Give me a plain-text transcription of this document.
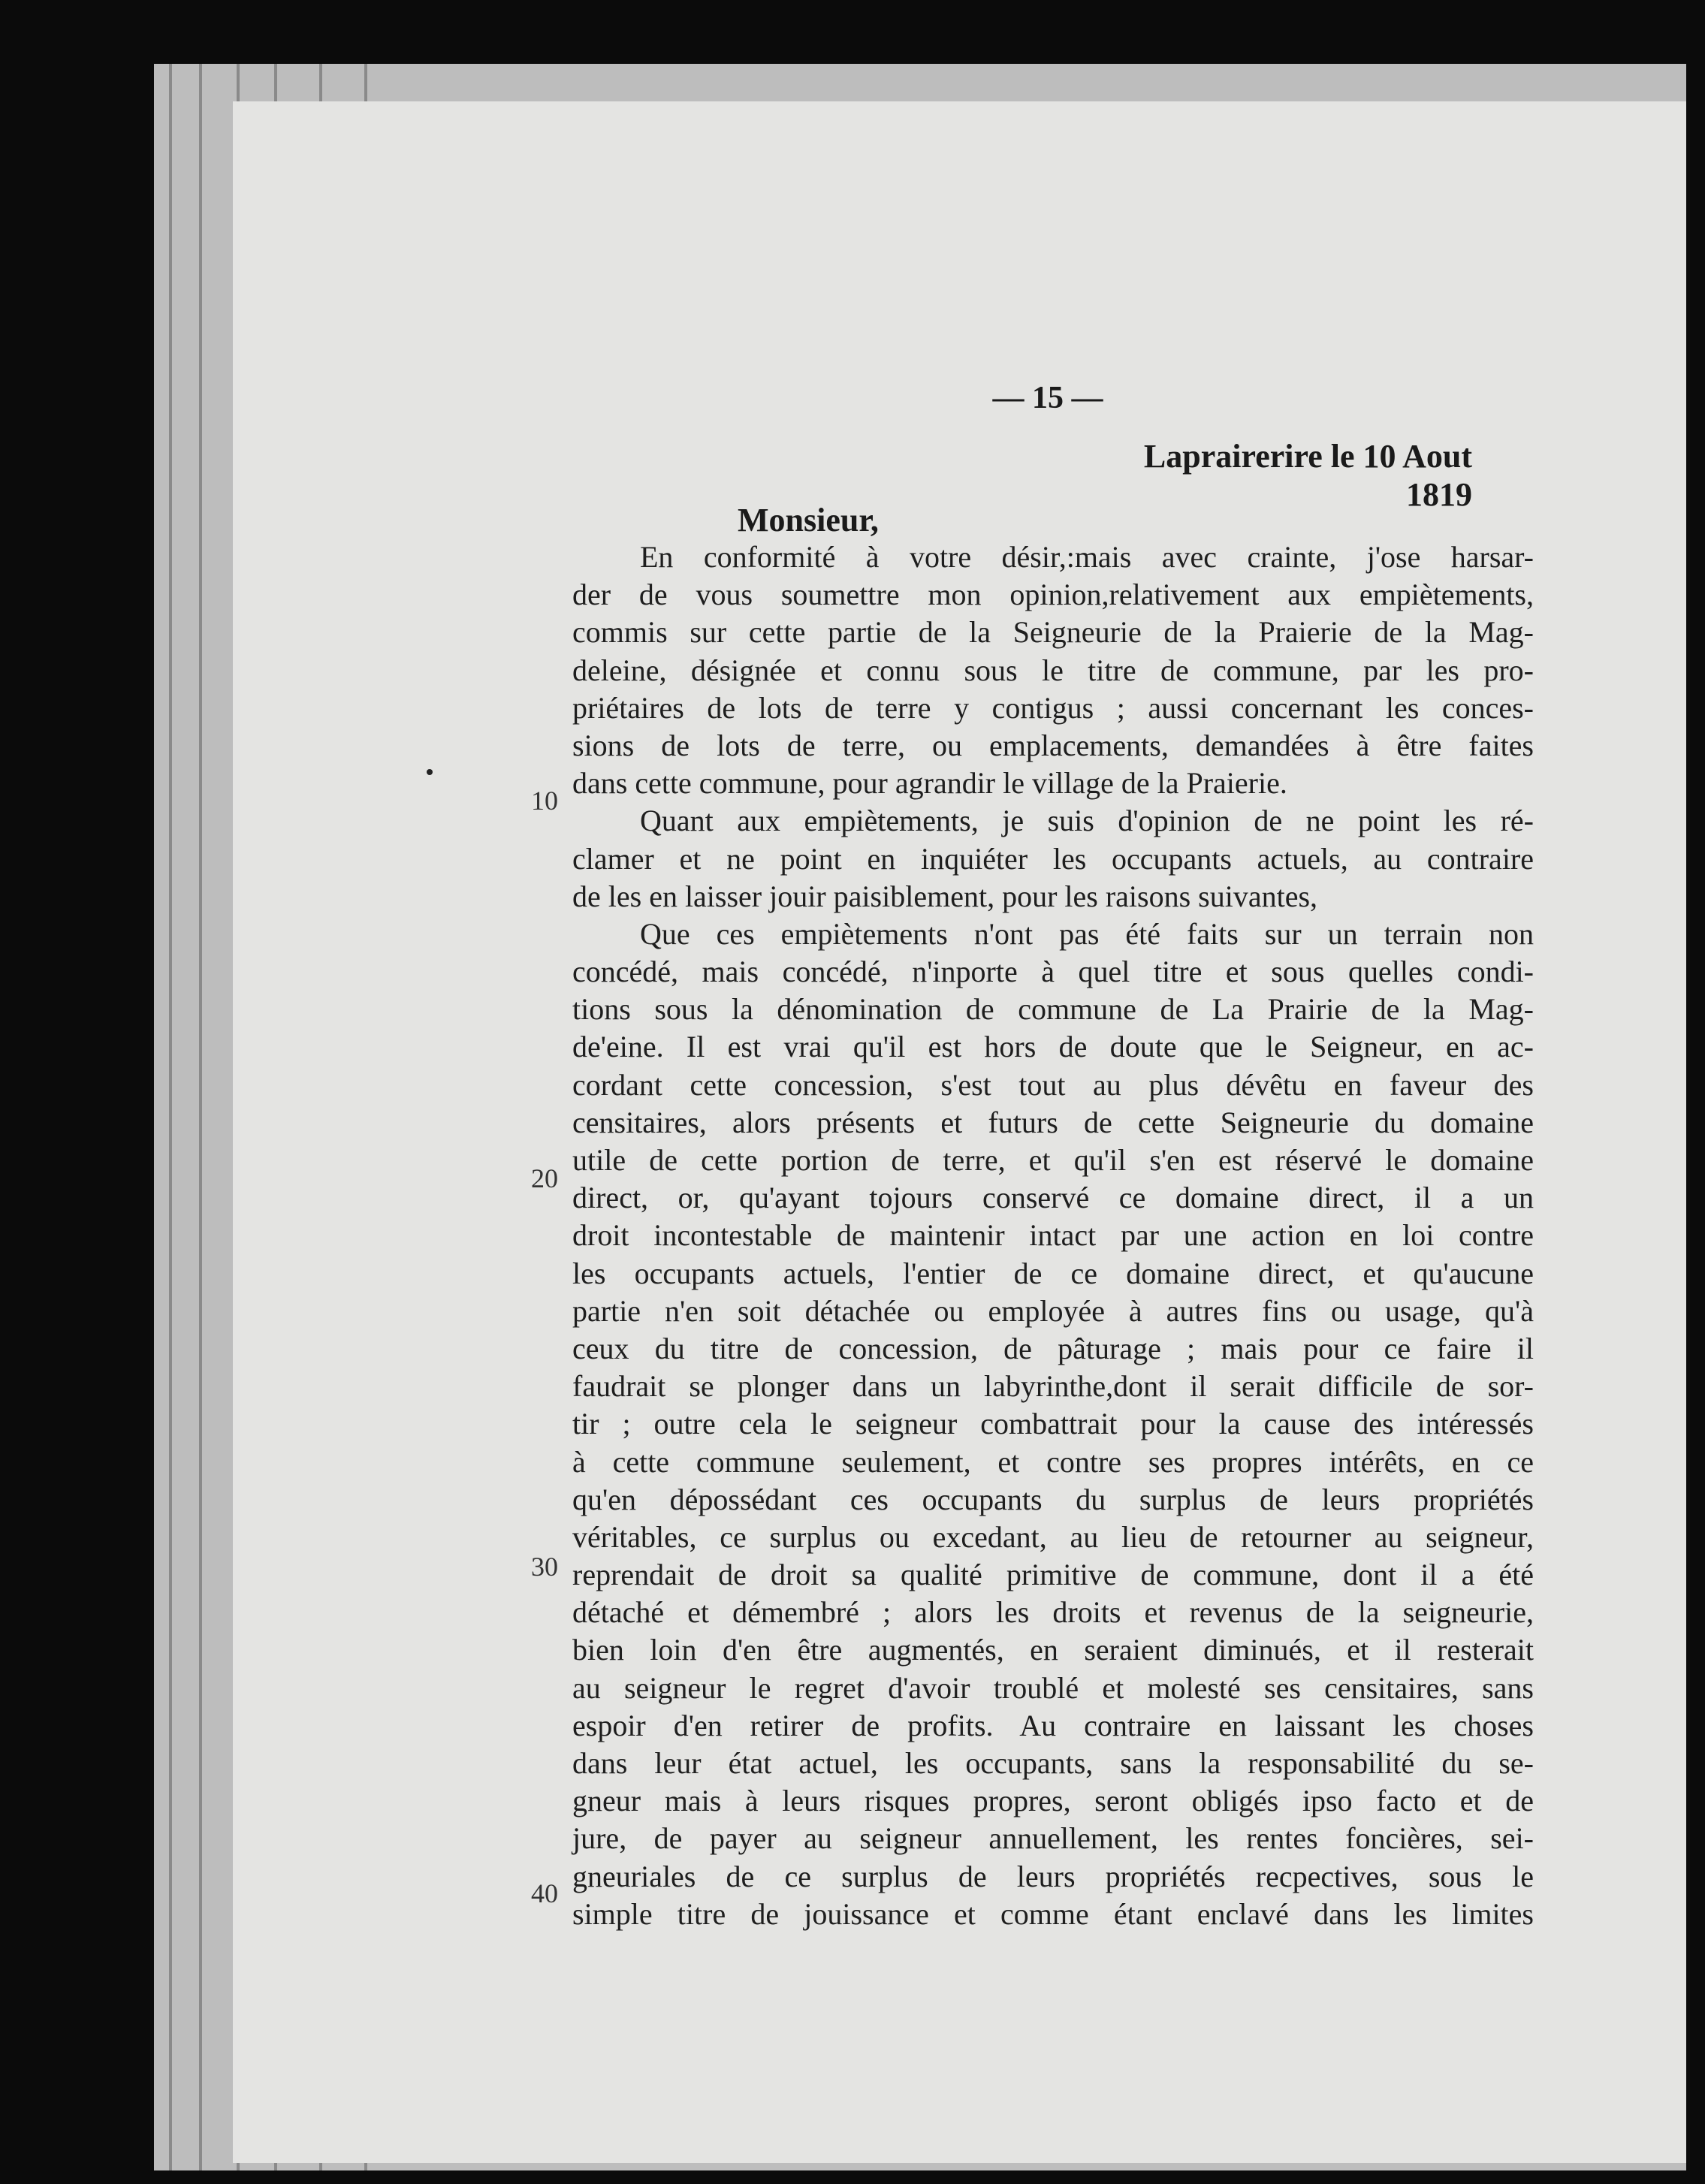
— 15 —
Laprairerire le 10 Aout 1819
Monsieur,
10
20
30
40
En conformité à votre désir,:mais avec crainte, j'ose harsar-
der de vous soumettre mon opinion,relativement aux empiètements,
commis sur cette partie de la Seigneurie de la Praierie de la Mag-
deleine, désignée et connu sous le titre de commune, par les pro-
priétaires de lots de terre y contigus ; aussi concernant les conces-
sions de lots de terre, ou emplacements, demandées à être faites
dans cette commune, pour agrandir le village de la Praierie.
Quant aux empiètements, je suis d'opinion de ne point les ré-
clamer et ne point en inquiéter les occupants actuels, au contraire
de les en laisser jouir paisiblement, pour les raisons suivantes,
Que ces empiètements n'ont pas été faits sur un terrain non
concédé, mais concédé, n'inporte à quel titre et sous quelles condi-
tions sous la dénomination de commune de La Prairie de la Mag-
de'eine. Il est vrai qu'il est hors de doute que le Seigneur, en ac-
cordant cette concession, s'est tout au plus dévêtu en faveur des
censitaires, alors présents et futurs de cette Seigneurie du domaine
utile de cette portion de terre, et qu'il s'en est réservé le domaine
direct, or, qu'ayant tojours conservé ce domaine direct, il a un
droit incontestable de maintenir intact par une action en loi contre
les occupants actuels, l'entier de ce domaine direct, et qu'aucune
partie n'en soit détachée ou employée à autres fins ou usage, qu'à
ceux du titre de concession, de pâturage ; mais pour ce faire il
faudrait se plonger dans un labyrinthe,dont il serait difficile de sor-
tir ; outre cela le seigneur combattrait pour la cause des intéressés
à cette commune seulement, et contre ses propres intérêts, en ce
qu'en dépossédant ces occupants du surplus de leurs propriétés
véritables, ce surplus ou excedant, au lieu de retourner au seigneur,
reprendait de droit sa qualité primitive de commune, dont il a été
détaché et démembré ; alors les droits et revenus de la seigneurie,
bien loin d'en être augmentés, en seraient diminués, et il resterait
au seigneur le regret d'avoir troublé et molesté ses censitaires, sans
espoir d'en retirer de profits. Au contraire en laissant les choses
dans leur état actuel, les occupants, sans la responsabilité du se-
gneur mais à leurs risques propres, seront obligés ipso facto et de
jure, de payer au seigneur annuellement, les rentes foncières, sei-
gneuriales de ce surplus de leurs propriétés recpectives, sous le
simple titre de jouissance et comme étant enclavé dans les limites
